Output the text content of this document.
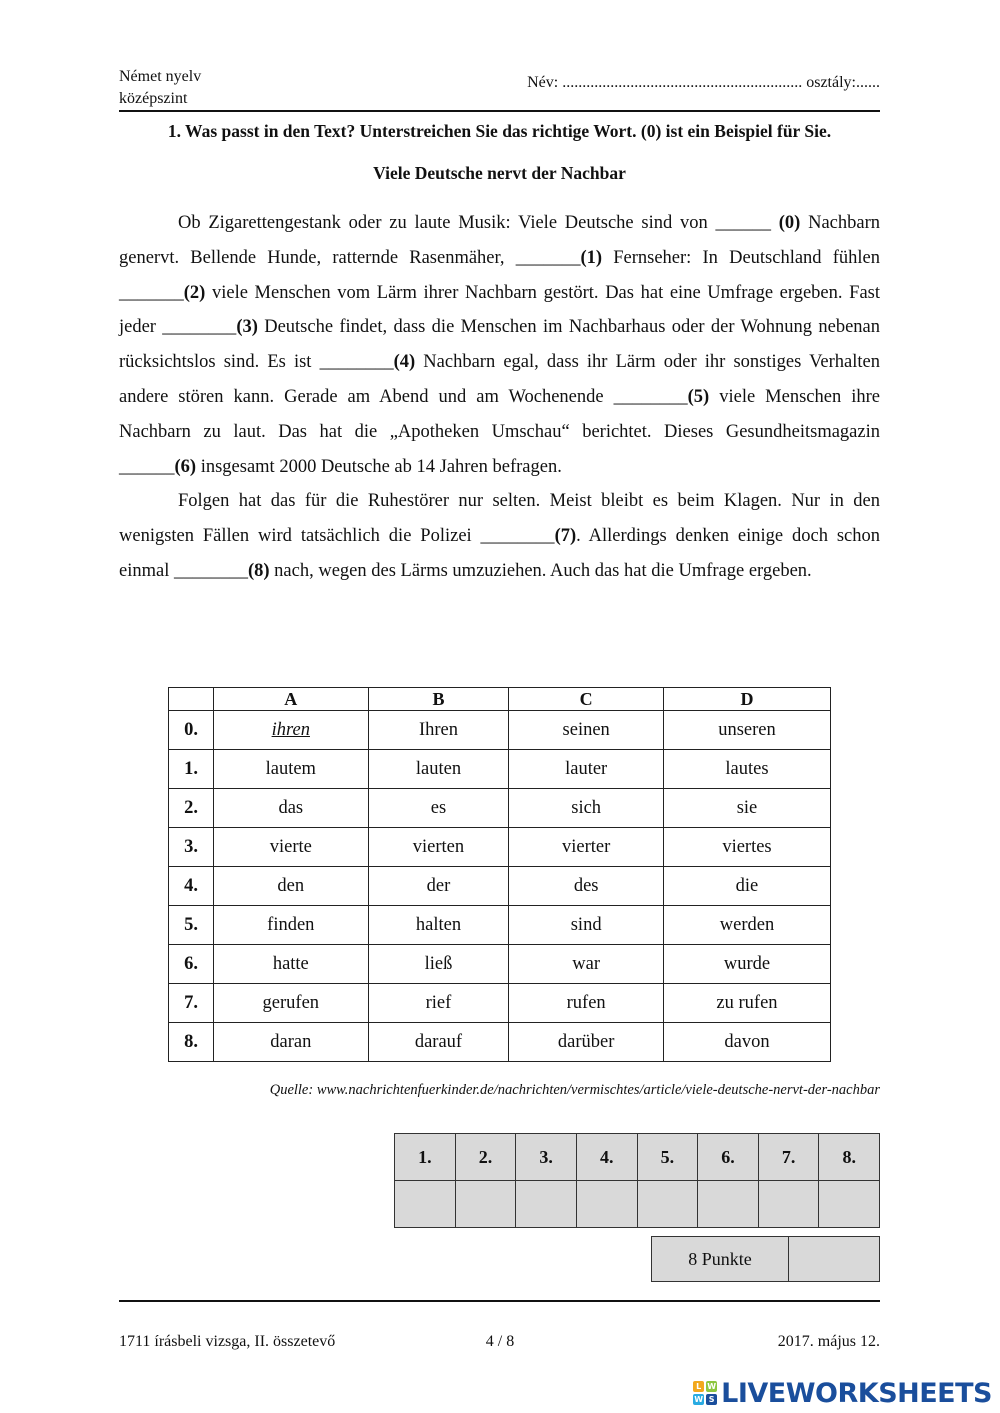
Német nyelv
középszint
Név: ............................................................ osztály:......
1. Was passt in den Text? Unterstreichen Sie das richtige Wort. (0) ist ein Beispiel für Sie.
Viele Deutsche nervt der Nachbar

Ob Zigarettengestank oder zu laute Musik: Viele Deutsche sind von ______ (0) Nachbarn genervt. Bellende Hunde, ratternde Rasenmäher, _______(1) Fernseher: In Deutschland fühlen _______(2) viele Menschen vom Lärm ihrer Nachbarn gestört. Das hat eine Umfrage ergeben. Fast jeder ________(3) Deutsche findet, dass die Menschen im Nachbarhaus oder der Wohnung nebenan rücksichtslos sind. Es ist ________(4) Nachbarn egal, dass ihr Lärm oder ihr sonstiges Verhalten andere stören kann. Gerade am Abend und am Wochenende ________(5) viele Menschen ihre Nachbarn zu laut. Das hat die „Apotheken Umschau“ berichtet. Dieses Gesundheitsmagazin ______(6) insgesamt 2000 Deutsche ab 14 Jahren befragen.

Folgen hat das für die Ruhestörer nur selten. Meist bleibt es beim Klagen. Nur in den wenigsten Fällen wird tatsächlich die Polizei ________(7). Allerdings denken einige doch schon einmal ________(8) nach, wegen des Lärms umzuziehen. Auch das hat die Umfrage ergeben.

	A	B	C	D
0.	ihren	Ihren	seinen	unseren
1.	lautem	lauten	lauter	lautes
2.	das	es	sich	sie
3.	vierte	vierten	vierter	viertes
4.	den	der	des	die
5.	finden	halten	sind	werden
6.	hatte	ließ	war	wurde
7.	gerufen	rief	rufen	zu rufen
8.	daran	darauf	darüber	davon
Quelle: www.nachrichtenfuerkinder.de/nachrichten/vermischtes/article/viele-deutsche-nervt-der-nachbar
1.	2.	3.	4.	5.	6.	7.	8.

8 Punkte
1711 írásbeli vizsga, II. összetevő	4 / 8	2017. május 12.
L W
W S LIVEWORKSHEETS
